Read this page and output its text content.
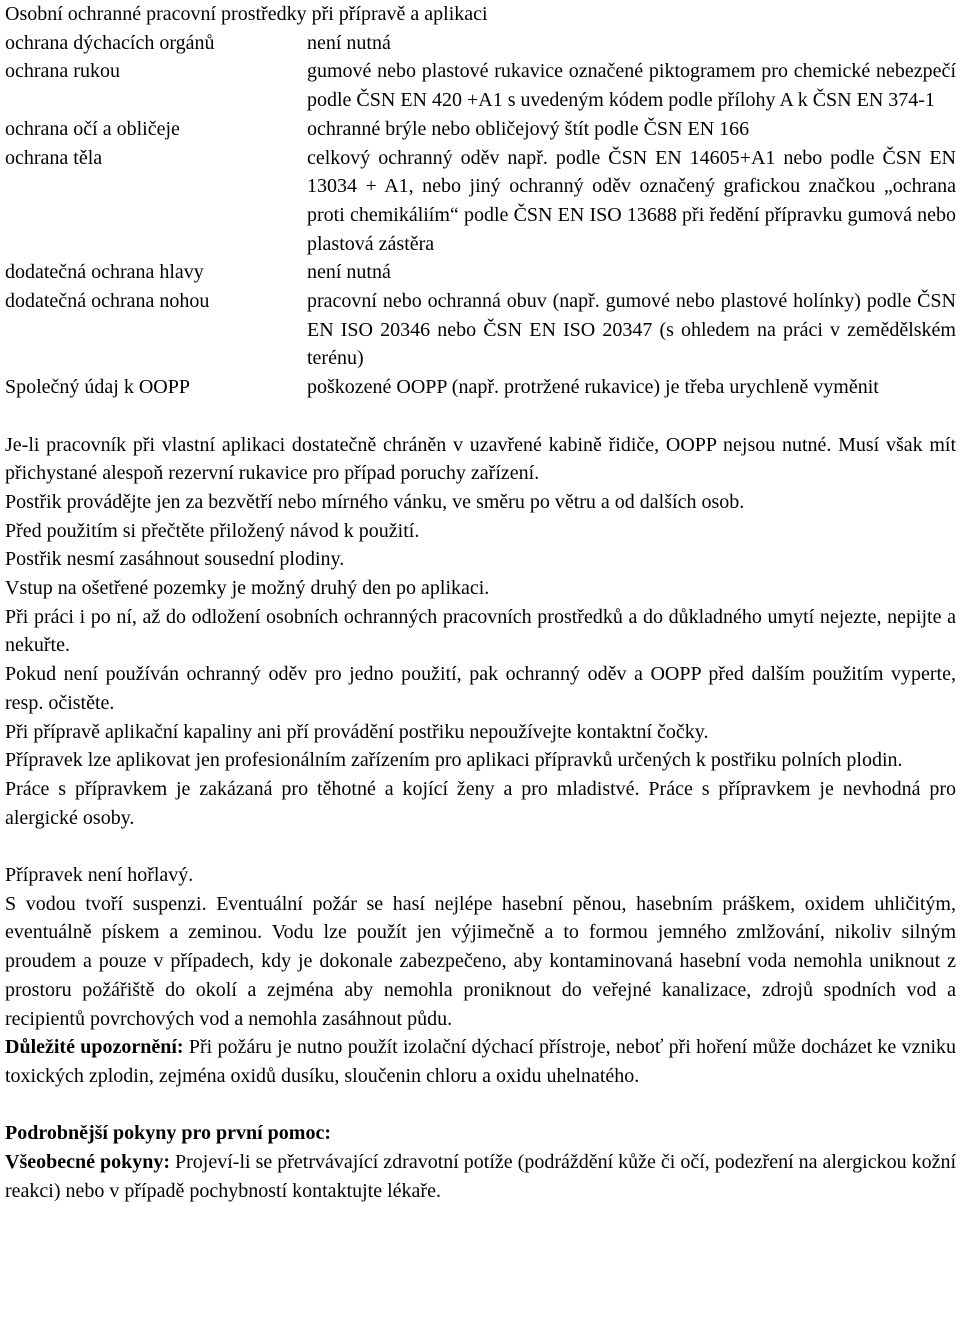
Osobní ochranné pracovní prostředky při přípravě a aplikaci
ochrana dýchacích orgánů	není nutná
ochrana rukou	gumové nebo plastové rukavice označené piktogramem pro chemické nebezpečí podle ČSN EN 420 +A1 s uvedeným kódem podle přílohy A k ČSN EN 374-1
ochrana očí a obličeje	ochranné brýle nebo obličejový štít podle ČSN EN 166
ochrana těla	celkový ochranný oděv např. podle ČSN EN 14605+A1 nebo podle ČSN EN 13034 + A1, nebo jiný ochranný oděv označený grafickou značkou „ochrana proti chemikáliím“ podle ČSN EN ISO 13688 při ředění přípravku gumová nebo plastová zástěra
dodatečná ochrana hlavy	není nutná
dodatečná ochrana nohou	pracovní nebo ochranná obuv (např. gumové nebo plastové holínky) podle ČSN EN ISO 20346 nebo ČSN EN ISO 20347 (s ohledem na práci v zemědělském terénu)
Společný údaj k OOPP	poškozené OOPP (např. protržené rukavice) je třeba urychleně vyměnit

Je-li pracovník při vlastní aplikaci dostatečně chráněn v uzavřené kabině řidiče, OOPP nejsou nutné. Musí však mít přichystané alespoň rezervní rukavice pro případ poruchy zařízení.

Postřik provádějte jen za bezvětří nebo mírného vánku, ve směru po větru a od dalších osob.

Před použitím si přečtěte přiložený návod k použití.

Postřik nesmí zasáhnout sousední plodiny.

Vstup na ošetřené pozemky je možný druhý den po aplikaci.

Při práci i po ní, až do odložení osobních ochranných pracovních prostředků a do důkladného umytí nejezte, nepijte a nekuřte.

Pokud není používán ochranný oděv pro jedno použití, pak ochranný oděv a OOPP před dalším použitím vyperte, resp. očistěte.

Při přípravě aplikační kapaliny ani pří provádění postřiku nepoužívejte kontaktní čočky.

Přípravek lze aplikovat jen profesionálním zařízením pro aplikaci přípravků určených k postřiku polních plodin.

Práce s přípravkem je zakázaná pro těhotné a kojící ženy a pro mladistvé. Práce s přípravkem je nevhodná pro alergické osoby.

Přípravek není hořlavý.

S vodou tvoří suspenzi. Eventuální požár se hasí nejlépe hasební pěnou, hasebním práškem, oxidem uhličitým, eventuálně pískem a zeminou. Vodu lze použít jen výjimečně a to formou jemného zmlžování, nikoliv silným proudem a pouze v případech, kdy je dokonale zabezpečeno, aby kontaminovaná hasební voda nemohla uniknout z prostoru požářiště do okolí a zejména aby nemohla proniknout do veřejné kanalizace, zdrojů spodních vod a recipientů povrchových vod a nemohla zasáhnout půdu.

Důležité upozornění: Při požáru je nutno použít izolační dýchací přístroje, neboť při hoření může docházet ke vzniku toxických zplodin, zejména oxidů dusíku, sloučenin chloru a oxidu uhelnatého.

Podrobnější pokyny pro první pomoc:

Všeobecné pokyny: Projeví-li se přetrvávající zdravotní potíže (podráždění kůže či očí, podezření na alergickou kožní reakci) nebo v případě pochybností kontaktujte lékaře.
